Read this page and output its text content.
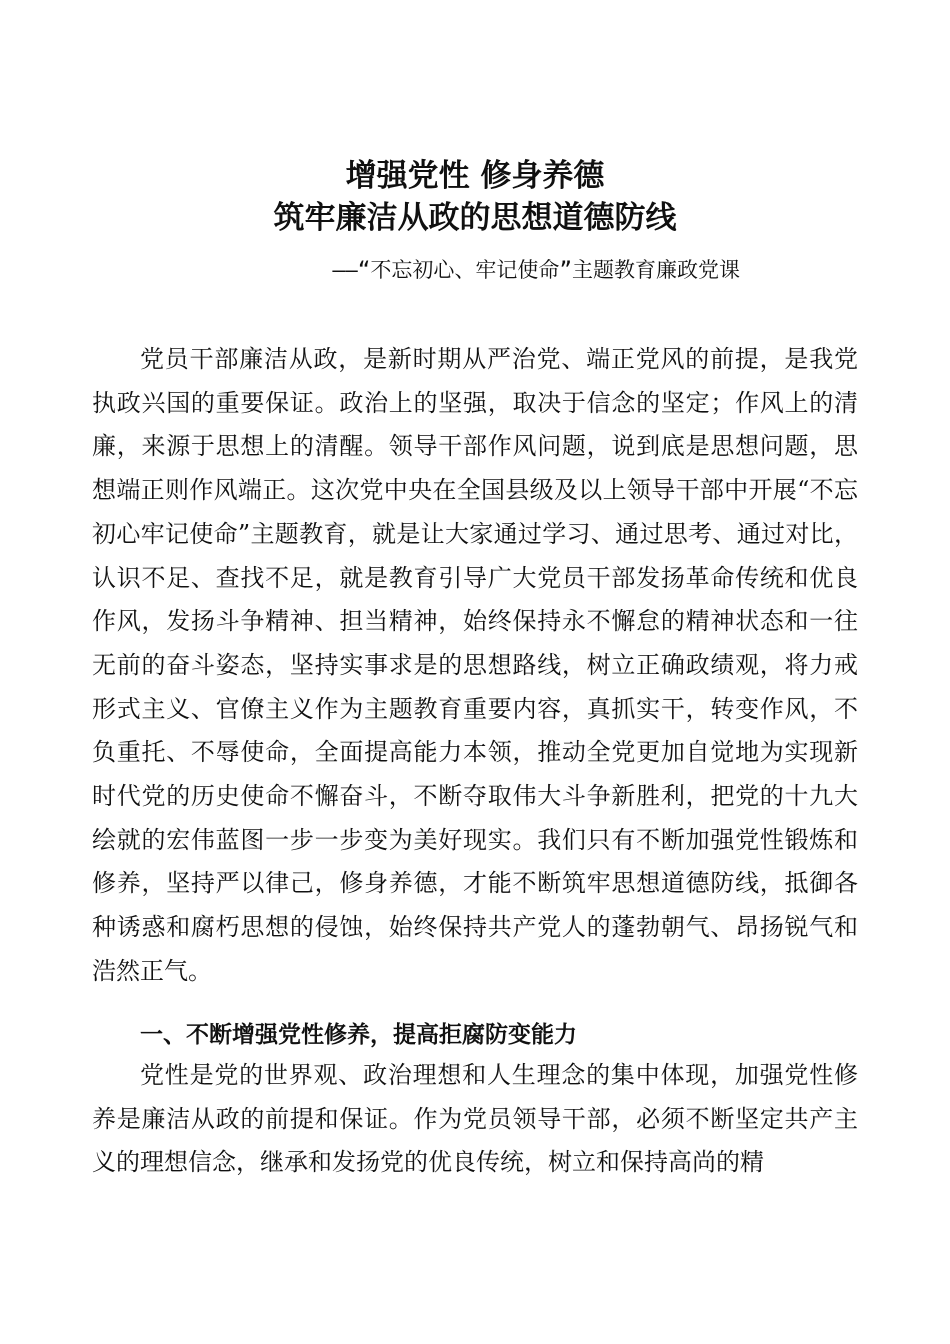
增强党性 修身养德
筑牢廉洁从政的思想道德防线
——“不忘初心、牢记使命”主题教育廉政党课

党员干部廉洁从政，是新时期从严治党、端正党风的前提，是我党执政兴国的重要保证。政治上的坚强，取决于信念的坚定；作风上的清廉，来源于思想上的清醒。领导干部作风问题，说到底是思想问题，思想端正则作风端正。这次党中央在全国县级及以上领导干部中开展“不忘初心牢记使命”主题教育，就是让大家通过学习、通过思考、通过对比，认识不足、查找不足，就是教育引导广大党员干部发扬革命传统和优良作风，发扬斗争精神、担当精神，始终保持永不懈怠的精神状态和一往无前的奋斗姿态，坚持实事求是的思想路线，树立正确政绩观，将力戒形式主义、官僚主义作为主题教育重要内容，真抓实干，转变作风，不负重托、不辱使命，全面提高能力本领，推动全党更加自觉地为实现新时代党的历史使命不懈奋斗，不断夺取伟大斗争新胜利，把党的十九大绘就的宏伟蓝图一步一步变为美好现实。我们只有不断加强党性锻炼和修养，坚持严以律己，修身养德，才能不断筑牢思想道德防线，抵御各种诱惑和腐朽思想的侵蚀，始终保持共产党人的蓬勃朝气、昂扬锐气和浩然正气。

一、不断增强党性修养，提高拒腐防变能力

党性是党的世界观、政治理想和人生理念的集中体现，加强党性修养是廉洁从政的前提和保证。作为党员领导干部，必须不断坚定共产主义的理想信念，继承和发扬党的优良传统，树立和保持高尚的精
